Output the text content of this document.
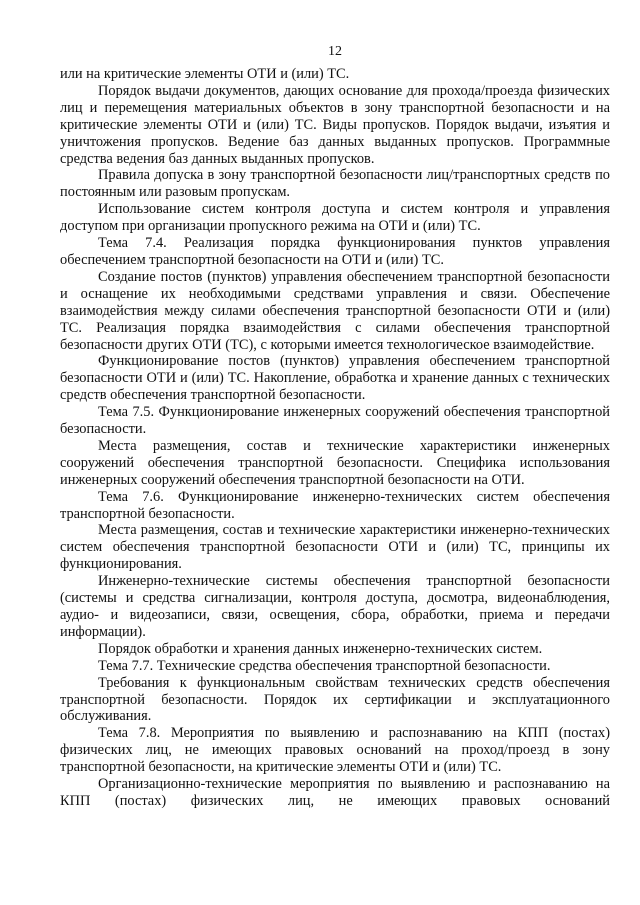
12

или на критические элементы ОТИ и (или) ТС.

Порядок выдачи документов, дающих основание для прохода/проезда физических лиц и перемещения материальных объектов в зону транспортной безопасности и на критические элементы ОТИ и (или) ТС. Виды пропусков. Порядок выдачи, изъятия и уничтожения пропусков. Ведение баз данных выданных пропусков. Программные средства ведения баз данных выданных пропусков.

Правила допуска в зону транспортной безопасности лиц/транспортных средств по постоянным или разовым пропускам.

Использование систем контроля доступа и систем контроля и управления доступом при организации пропускного режима на ОТИ и (или) ТС.

Тема 7.4. Реализация порядка функционирования пунктов управления обеспечением транспортной безопасности на ОТИ и (или) ТС.

Создание постов (пунктов) управления обеспечением транспортной безопасности и оснащение их необходимыми средствами управления и связи. Обеспечение взаимодействия между силами обеспечения транспортной безопасности ОТИ и (или) ТС. Реализация порядка взаимодействия с силами обеспечения транспортной безопасности других ОТИ (ТС), с которыми имеется технологическое взаимодействие.

Функционирование постов (пунктов) управления обеспечением транспортной безопасности ОТИ и (или) ТС. Накопление, обработка и хранение данных с технических средств обеспечения транспортной безопасности.

Тема 7.5. Функционирование инженерных сооружений обеспечения транспортной безопасности.

Места размещения, состав и технические характеристики инженерных сооружений обеспечения транспортной безопасности. Специфика использования инженерных сооружений обеспечения транспортной безопасности на ОТИ.

Тема 7.6. Функционирование инженерно-технических систем обеспечения транспортной безопасности.

Места размещения, состав и технические характеристики инженерно-технических систем обеспечения транспортной безопасности ОТИ и (или) ТС, принципы их функционирования.

Инженерно-технические системы обеспечения транспортной безопасности (системы и средства сигнализации, контроля доступа, досмотра, видеонаблюдения, аудио- и видеозаписи, связи, освещения, сбора, обработки, приема и передачи информации).

Порядок обработки и хранения данных инженерно-технических систем.

Тема 7.7. Технические средства обеспечения транспортной безопасности.

Требования к функциональным свойствам технических средств обеспечения транспортной безопасности. Порядок их сертификации и эксплуатационного обслуживания.

Тема 7.8. Мероприятия по выявлению и распознаванию на КПП (постах) физических лиц, не имеющих правовых оснований на проход/проезд в зону транспортной безопасности, на критические элементы ОТИ и (или) ТС.

Организационно-технические мероприятия по выявлению и распознаванию на КПП (постах) физических лиц, не имеющих правовых оснований
